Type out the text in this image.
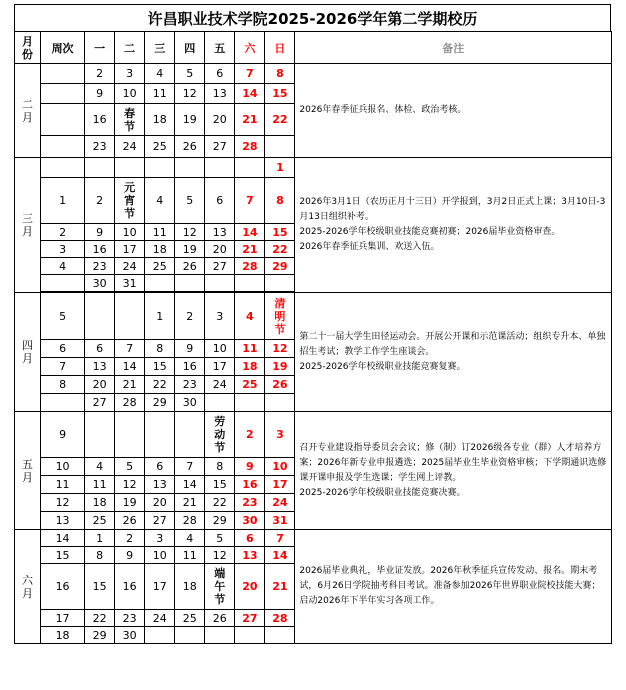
许昌职业技术学院2025-2026学年第二学期校历
月份	周次	一	二	三	四	五	六	日	备注
二月		2	3	4	5	6	7	8	2026年春季征兵报名、体检、政治考核。
		9	10	11	12	13	14	15	
		16	春节	18	19	20	21	22	
		23	24	25	26	27	28		
三月								1	2026年3月1日（农历正月十三日）开学报到，3月2日正式上课；3月10日-3月13日组织补考。
2025-2026学年校级职业技能竞赛初赛；2026届毕业资格审查。
2026年春季征兵集训、欢送入伍。

	1	2	元宵节	4	5	6	7	8	
	2	9	10	11	12	13	14	15	
	3	16	17	18	19	20	21	22	
	4	23	24	25	26	27	28	29	
		30	31						

四月	5			1	2	3	4	清明节	第二十一届大学生田径运动会。开展公开课和示范课活动；组织专升本、单独招生考试；教学工作学生座谈会。
2025-2026学年校级职业技能竞赛复赛。

	6	6	7	8	9	10	11	12	
	7	13	14	15	16	17	18	19	
	8	20	21	22	23	24	25	26	
		27	28	29	30				
五月	9					劳动节	2	3	召开专业建设指导委员会会议；修（制）订2026级各专业（群）人才培养方案；2026年新专业申报遴选；2025届毕业生毕业资格审核；下学期通识选修课开课申报及学生选课；学生网上评教。
2025-2026学年校级职业技能竞赛决赛。

	10	4	5	6	7	8	9	10	
	11	11	12	13	14	15	16	17	
	12	18	19	20	21	22	23	24	
	13	25	26	27	28	29	30	31	
六月	14	1	2	3	4	5	6	7	2026届毕业典礼，毕业证发放。2026年秋季征兵宣传发动、报名。期末考试，6月26日学院抽考科目考试。准备参加2026年世界职业院校技能大赛；启动2026年下半年实习各项工作。
	15	8	9	10	11	12	13	14	
	16	15	16	17	18	端午节	20	21	
	17	22	23	24	25	26	27	28	
	18	29	30						
